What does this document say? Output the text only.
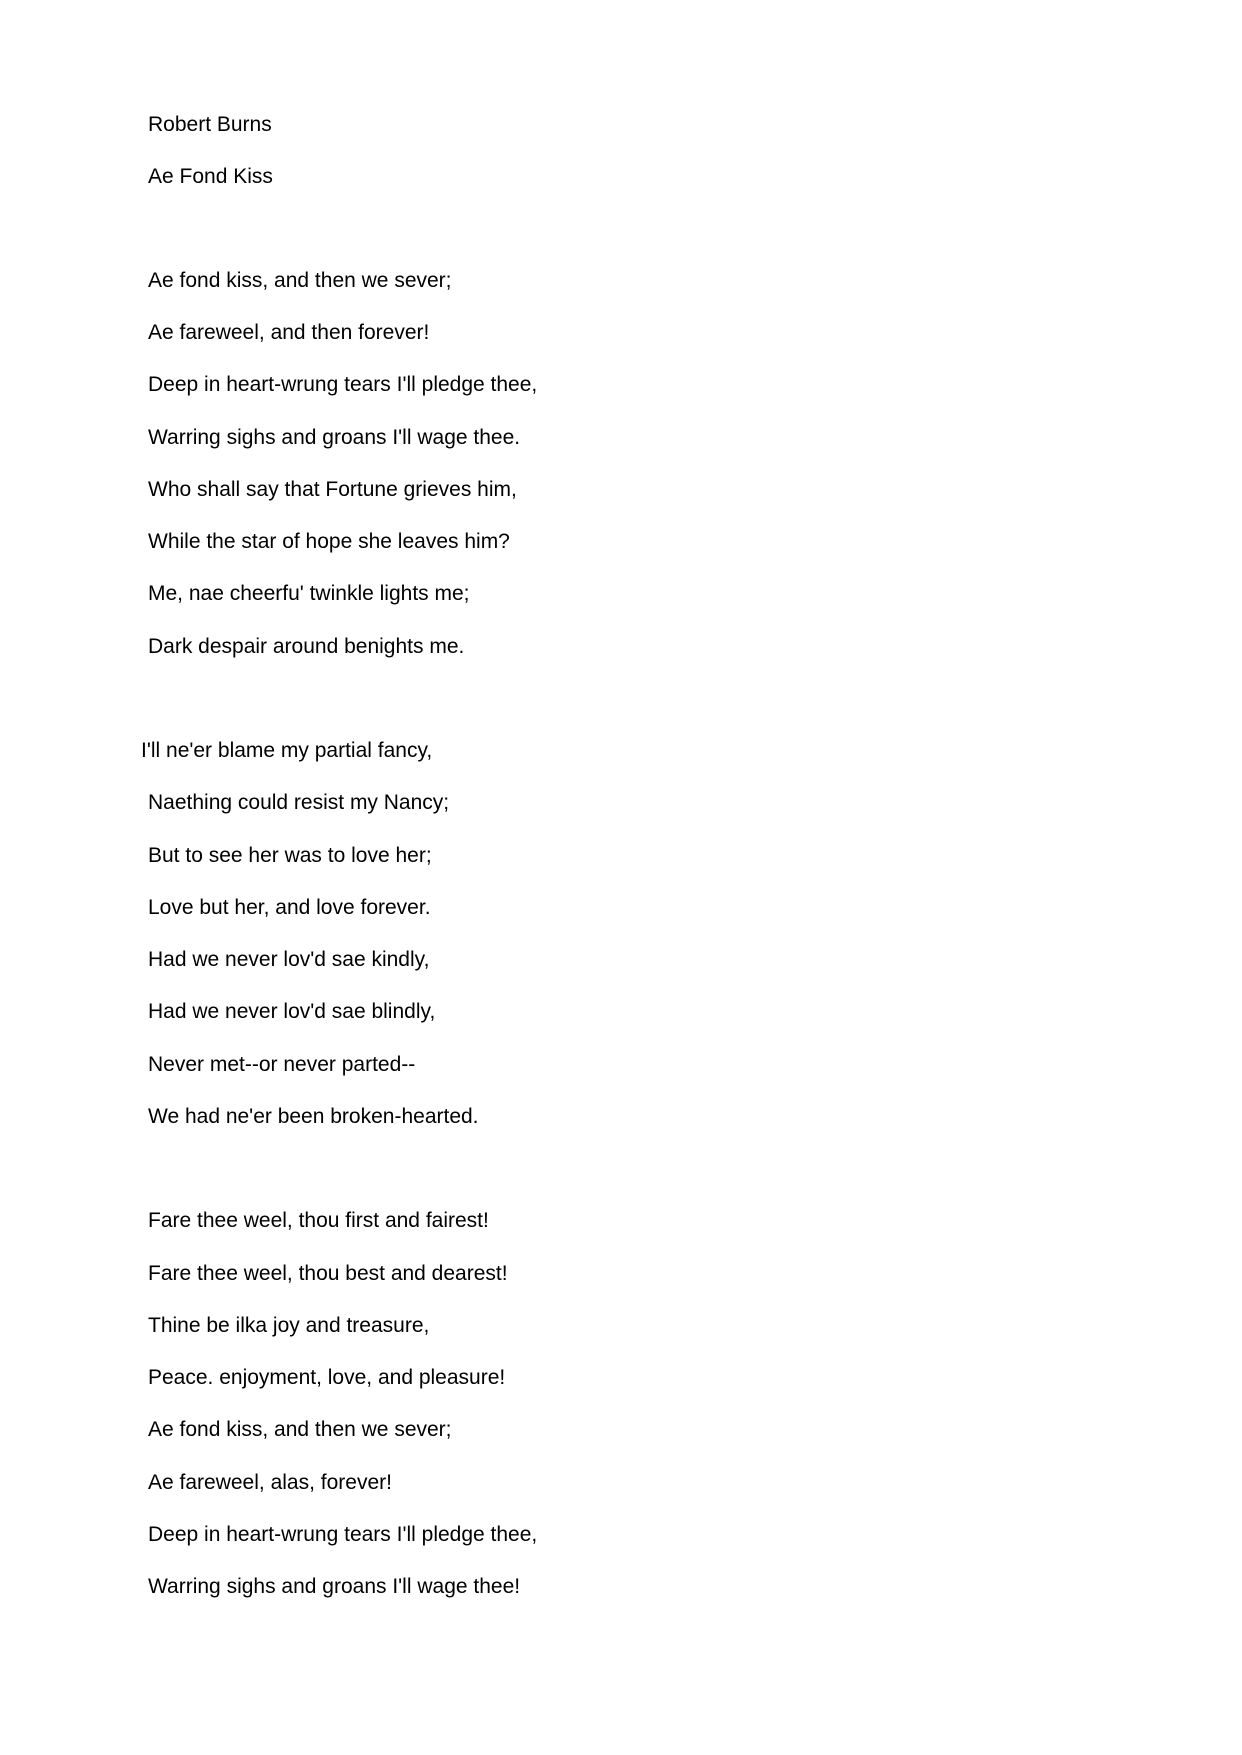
Robert Burns
Ae Fond Kiss
Ae fond kiss, and then we sever;
Ae fareweel, and then forever!
Deep in heart-wrung tears I'll pledge thee,
Warring sighs and groans I'll wage thee.
Who shall say that Fortune grieves him,
While the star of hope she leaves him?
Me, nae cheerfu' twinkle lights me;
Dark despair around benights me.
I'll ne'er blame my partial fancy,
Naething could resist my Nancy;
But to see her was to love her;
Love but her, and love forever.
Had we never lov'd sae kindly,
Had we never lov'd sae blindly,
Never met--or never parted--
We had ne'er been broken-hearted.
Fare thee weel, thou first and fairest!
Fare thee weel, thou best and dearest!
Thine be ilka joy and treasure,
Peace. enjoyment, love, and pleasure!
Ae fond kiss, and then we sever;
Ae fareweel, alas, forever!
Deep in heart-wrung tears I'll pledge thee,
Warring sighs and groans I'll wage thee!
